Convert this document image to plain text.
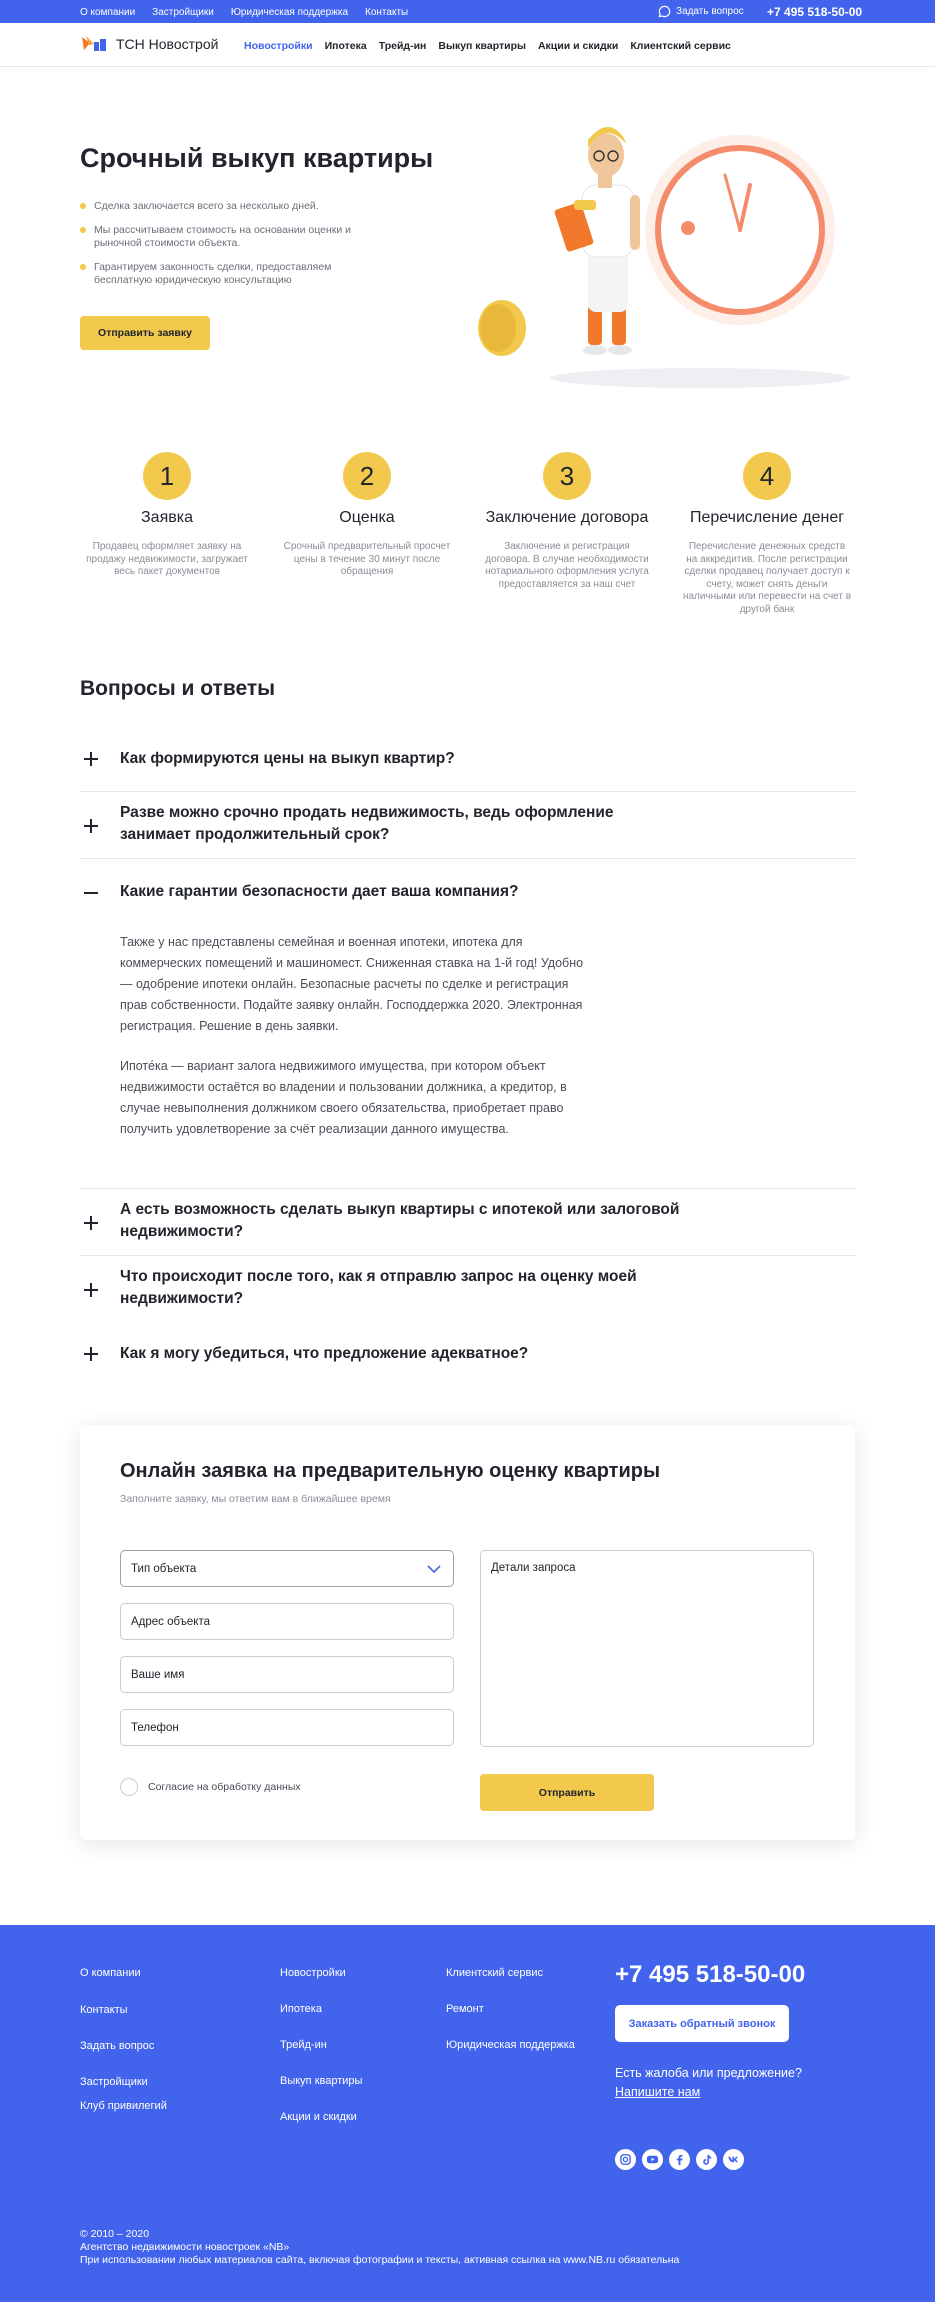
О компании Застройщики Юридическая поддержка Контакты	Задать вопрос +7 495 518-50-00
ТСН Новострой Новостройки Ипотека Трейд-ин Выкуп квартиры Акции и скидки Клиентский сервис
Срочный выкуп квартиры
Сделка заключается всего за несколько дней.
Мы рассчитываем стоимость на основании оценки и рыночной стоимости объекта.
Гарантируем законность сделки, предоставляем бесплатную юридическую консультацию
Отправить заявку
1
Заявка
Продавец оформляет заявку на продажу недвижимости, загружает весь пакет документов
2
Оценка
Срочный предварительный просчет цены в течение 30 минут после обращения
3
Заключение договора
Заключение и регистрация договора. В случае необходимости нотариального оформления услуга предоставляется за наш счет
4
Перечисление денег
Перечисление денежных средств на аккредитив. После регистрации сделки продавец получает доступ к счету, может снять деньги наличными или перевести на счет в другой банк
Вопросы и ответы
Как формируются цены на выкуп квартир?
Разве можно срочно продать недвижимость, ведь оформление занимает продолжительный срок?
Какие гарантии безопасности дает ваша компания?
Также у нас представлены семейная и военная ипотеки, ипотека для коммерческих помещений и машиномест. Сниженная ставка на 1-й год! Удобно — одобрение ипотеки онлайн. Безопасные расчеты по сделке и регистрация прав собственности. Подайте заявку онлайн. Господдержка 2020. Электронная регистрация. Решение в день заявки.
Ипоте́ка — вариант залога недвижимого имущества, при котором объект недвижимости остаётся во владении и пользовании должника, а кредитор, в случае невыполнения должником своего обязательства, приобретает право получить удовлетворение за счёт реализации данного имущества.
А есть возможность сделать выкуп квартиры с ипотекой или залоговой недвижимости?
Что происходит после того, как я отправлю запрос на оценку моей недвижимости?
Как я могу убедиться, что предложение адекватное?
Онлайн заявка на предварительную оценку квартиры
Заполните заявку, мы ответим вам в ближайшее время
Тип объекта
Адрес объекта
Ваше имя
Телефон
Детали запроса
Согласие на обработку данных	Отправить
О компании
Контакты
Задать вопрос
Застройщики
Клуб привилегий
Новостройки
Ипотека
Трейд-ин
Выкуп квартиры
Акции и скидки
Клиентский сервис
Ремонт
Юридическая поддержка
+7 495 518-50-00
Заказать обратный звонок
Есть жалоба или предложение?
Напишите нам
© 2010 – 2020
Агентство недвижимости новостроек «NB»
При использовании любых материалов сайта, включая фотографии и тексты, активная ссылка на www.NB.ru обязательна
